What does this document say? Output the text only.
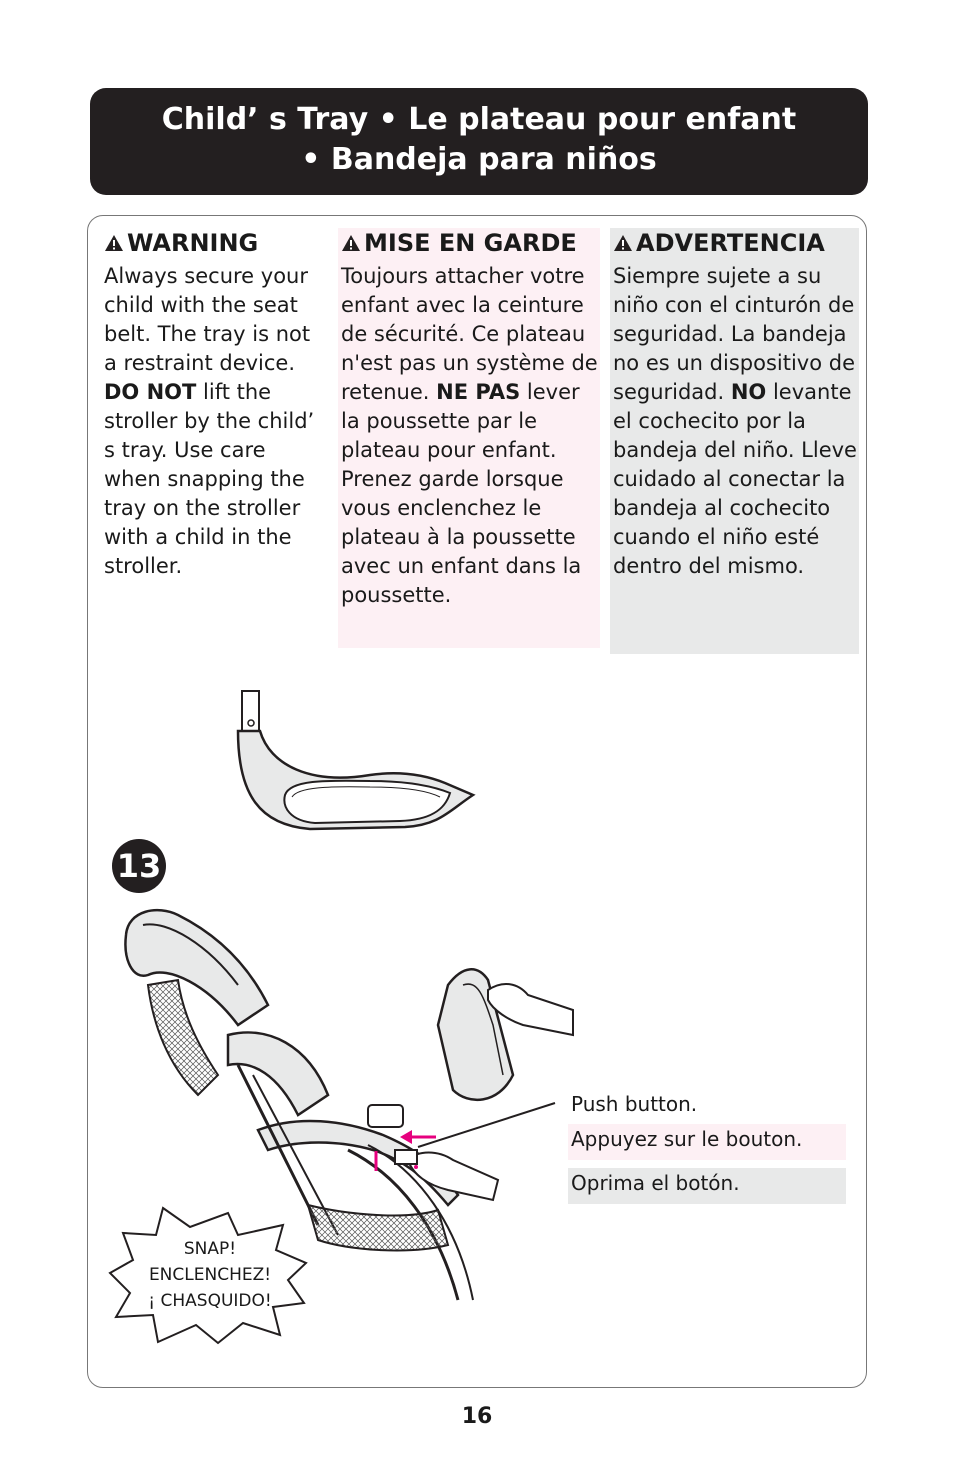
Child’ s Tray • Le plateau pour enfant
• Bandeja para niños
WARNING

Always secure your child with the seat belt. The tray is not a restraint device. DO NOT lift the stroller by the child’ s tray. Use care when snapping the tray on the stroller with a child in the stroller.

MISE EN GARDE

Toujours attacher votre enfant avec la ceinture de sécurité. Ce plateau n'est pas un système de retenue. NE PAS lever la poussette par le plateau pour enfant. Prenez garde lorsque vous enclenchez le plateau à la poussette avec un enfant dans la poussette.

ADVERTENCIA

Siempre sujete a su niño con el cinturón de seguridad. La bandeja no es un dispositivo de seguridad. NO levante el cochecito por la bandeja del niño. Lleve cuidado al conectar la bandeja al cochecito cuando el niño esté dentro del mismo.

13
Push button.
Appuyez sur le bouton.
Oprima el botón.
SNAP!
ENCLENCHEZ!
¡ CHASQUIDO!
16
